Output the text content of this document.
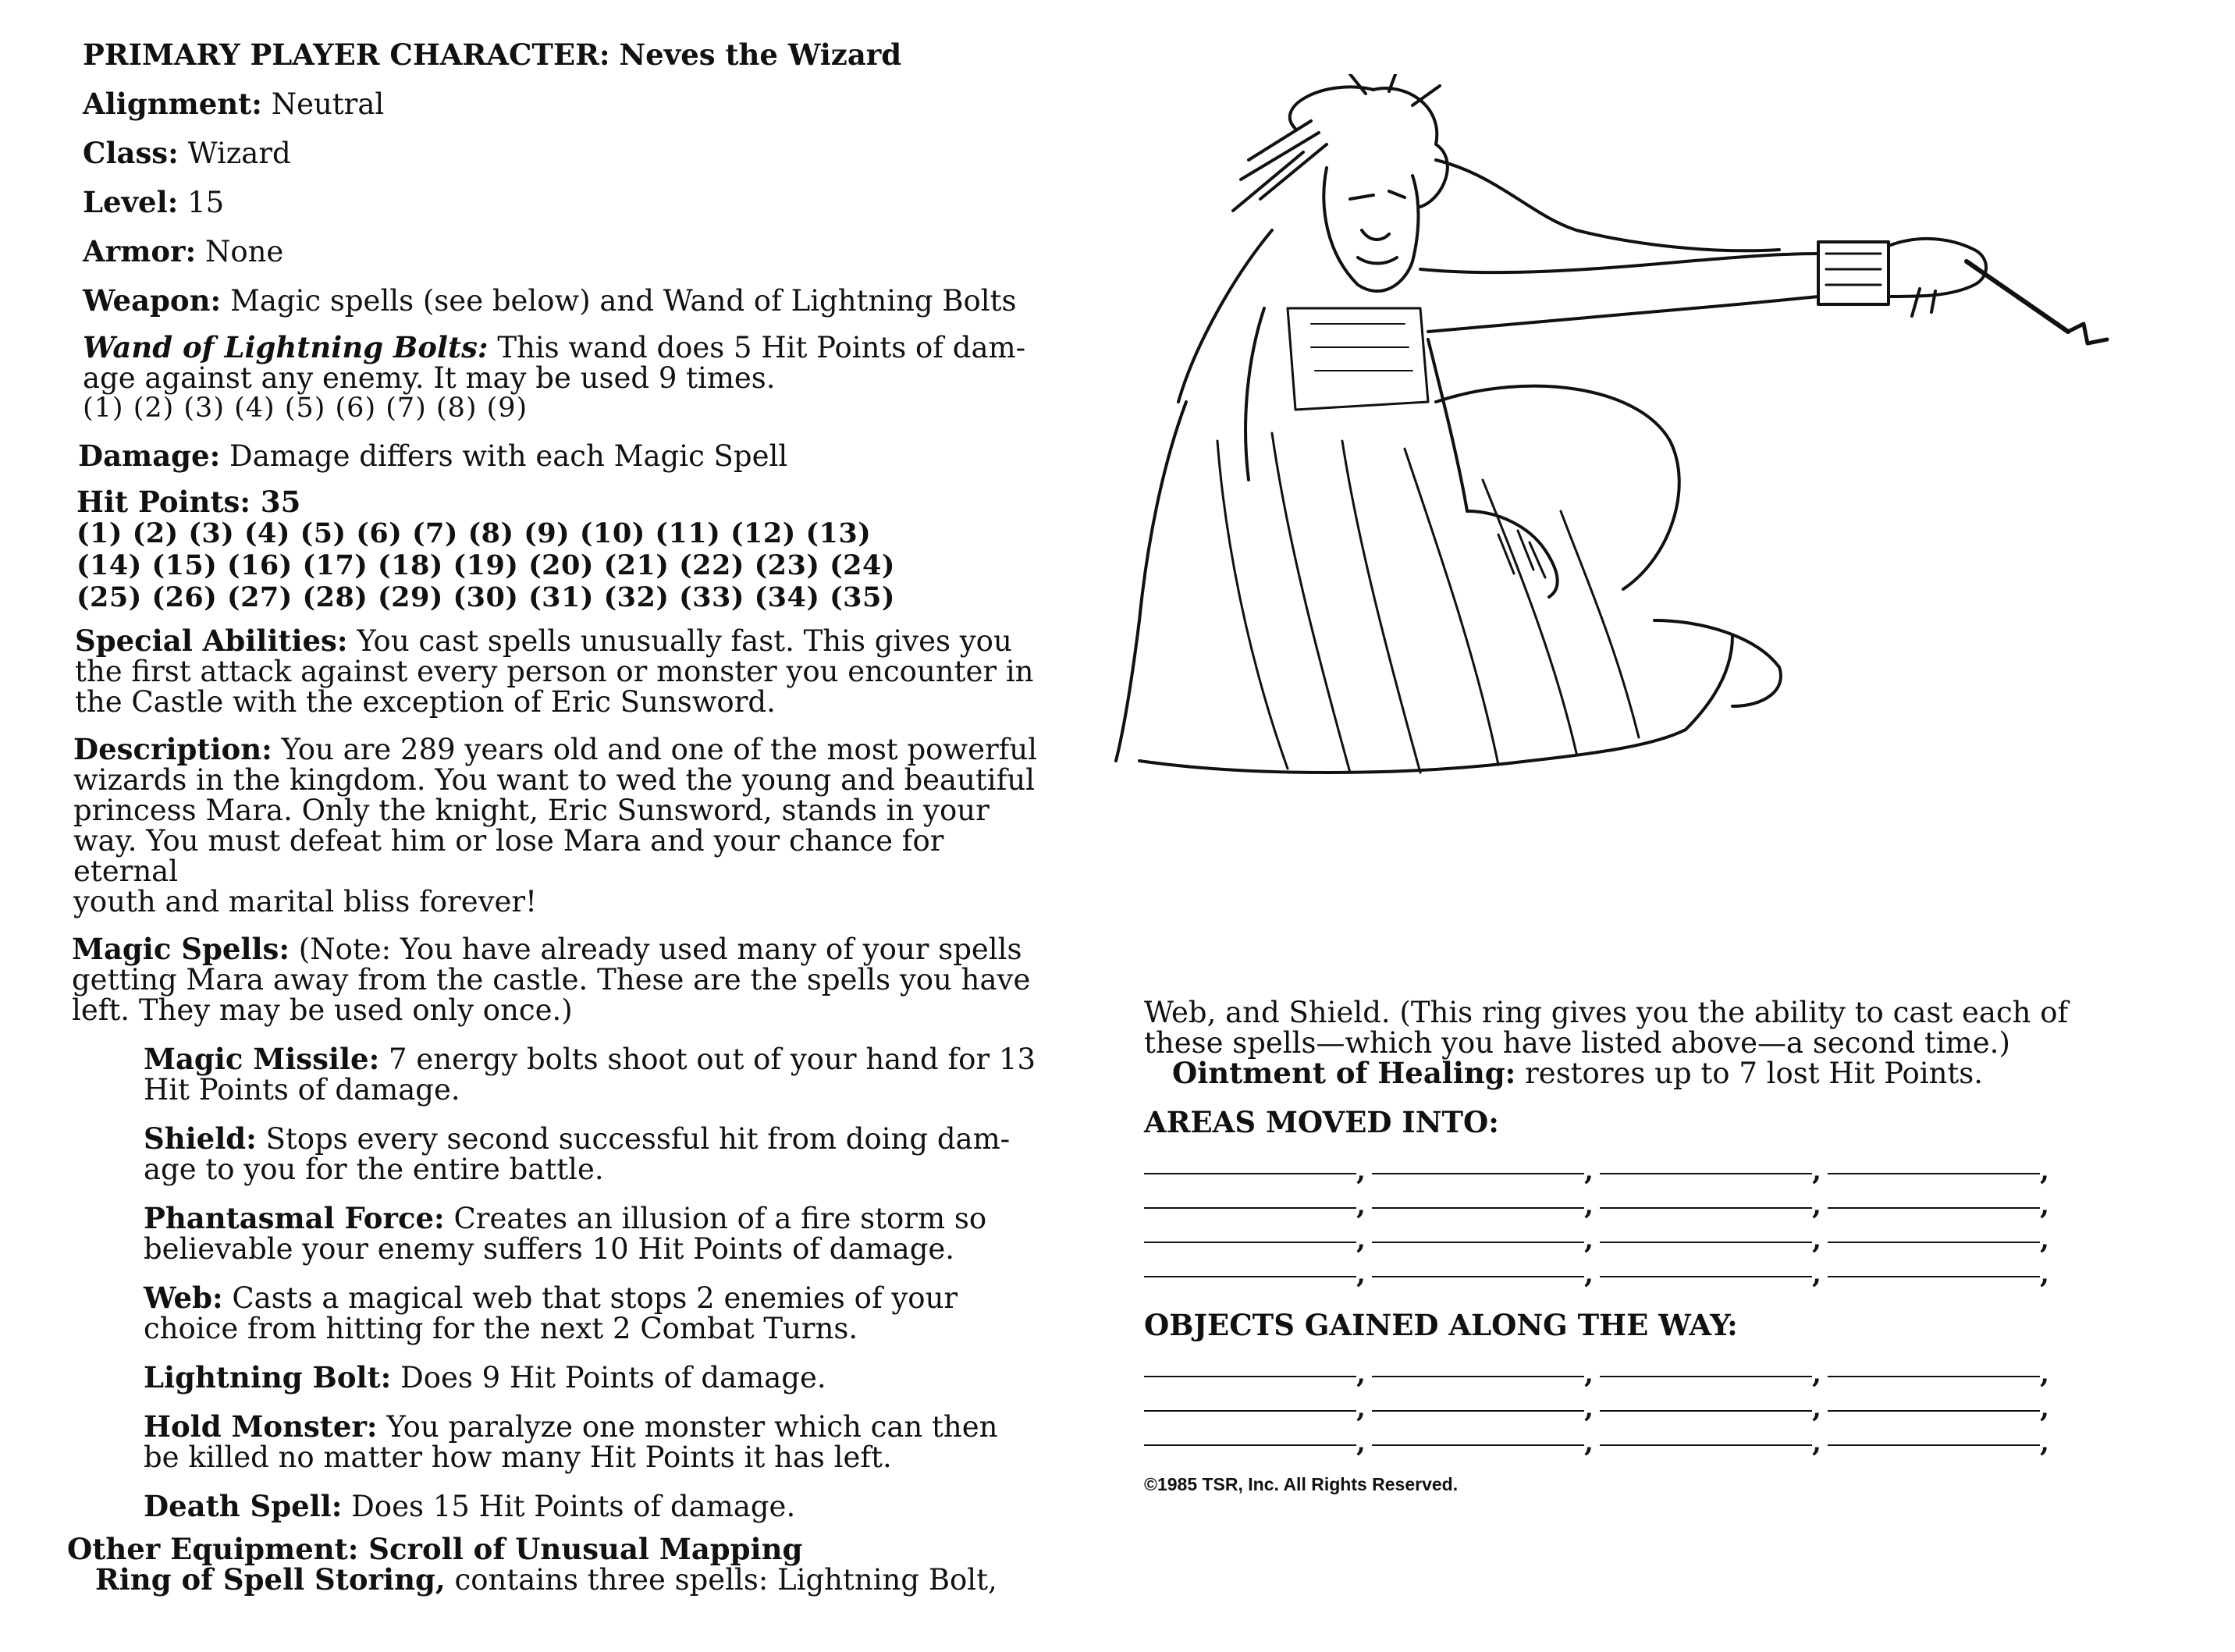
PRIMARY PLAYER CHARACTER: Neves the Wizard

Alignment: Neutral

Class: Wizard

Level: 15

Armor: None

Weapon: Magic spells (see below) and Wand of Lightning Bolts

Wand of Lightning Bolts: This wand does 5 Hit Points of dam-

age against any enemy. It may be used 9 times.

(1) (2) (3) (4) (5) (6) (7) (8) (9)

Damage: Damage differs with each Magic Spell

Hit Points: 35

(1) (2) (3) (4) (5) (6) (7) (8) (9) (10) (11) (12) (13)

(14) (15) (16) (17) (18) (19) (20) (21) (22) (23) (24)

(25) (26) (27) (28) (29) (30) (31) (32) (33) (34) (35)

Special Abilities: You cast spells unusually fast. This gives you

the first attack against every person or monster you encounter in

the Castle with the exception of Eric Sunsword.

Description: You are 289 years old and one of the most powerful

wizards in the kingdom. You want to wed the young and beautiful

princess Mara. Only the knight, Eric Sunsword, stands in your

way. You must defeat him or lose Mara and your chance for eternal

youth and marital bliss forever!

Magic Spells: (Note: You have already used many of your spells

getting Mara away from the castle. These are the spells you have

left. They may be used only once.)

Magic Missile: 7 energy bolts shoot out of your hand for 13

Hit Points of damage.

Shield: Stops every second successful hit from doing dam-

age to you for the entire battle.

Phantasmal Force: Creates an illusion of a fire storm so

believable your enemy suffers 10 Hit Points of damage.

Web: Casts a magical web that stops 2 enemies of your

choice from hitting for the next 2 Combat Turns.

Lightning Bolt: Does 9 Hit Points of damage.

Hold Monster: You paralyze one monster which can then

be killed no matter how many Hit Points it has left.

Death Spell: Does 15 Hit Points of damage.

Other Equipment: Scroll of Unusual Mapping

Ring of Spell Storing, contains three spells: Lightning Bolt,

Web, and Shield. (This ring gives you the ability to cast each of

these spells—which you have listed above—a second time.)

Ointment of Healing: restores up to 7 lost Hit Points.

AREAS MOVED INTO:

,
,
,
,
,
,
,
,
,
,
,
,
,
,
,
,

OBJECTS GAINED ALONG THE WAY:

,
,
,
,
,
,
,
,
,
,
,
,

©1985 TSR, Inc. All Rights Reserved.
